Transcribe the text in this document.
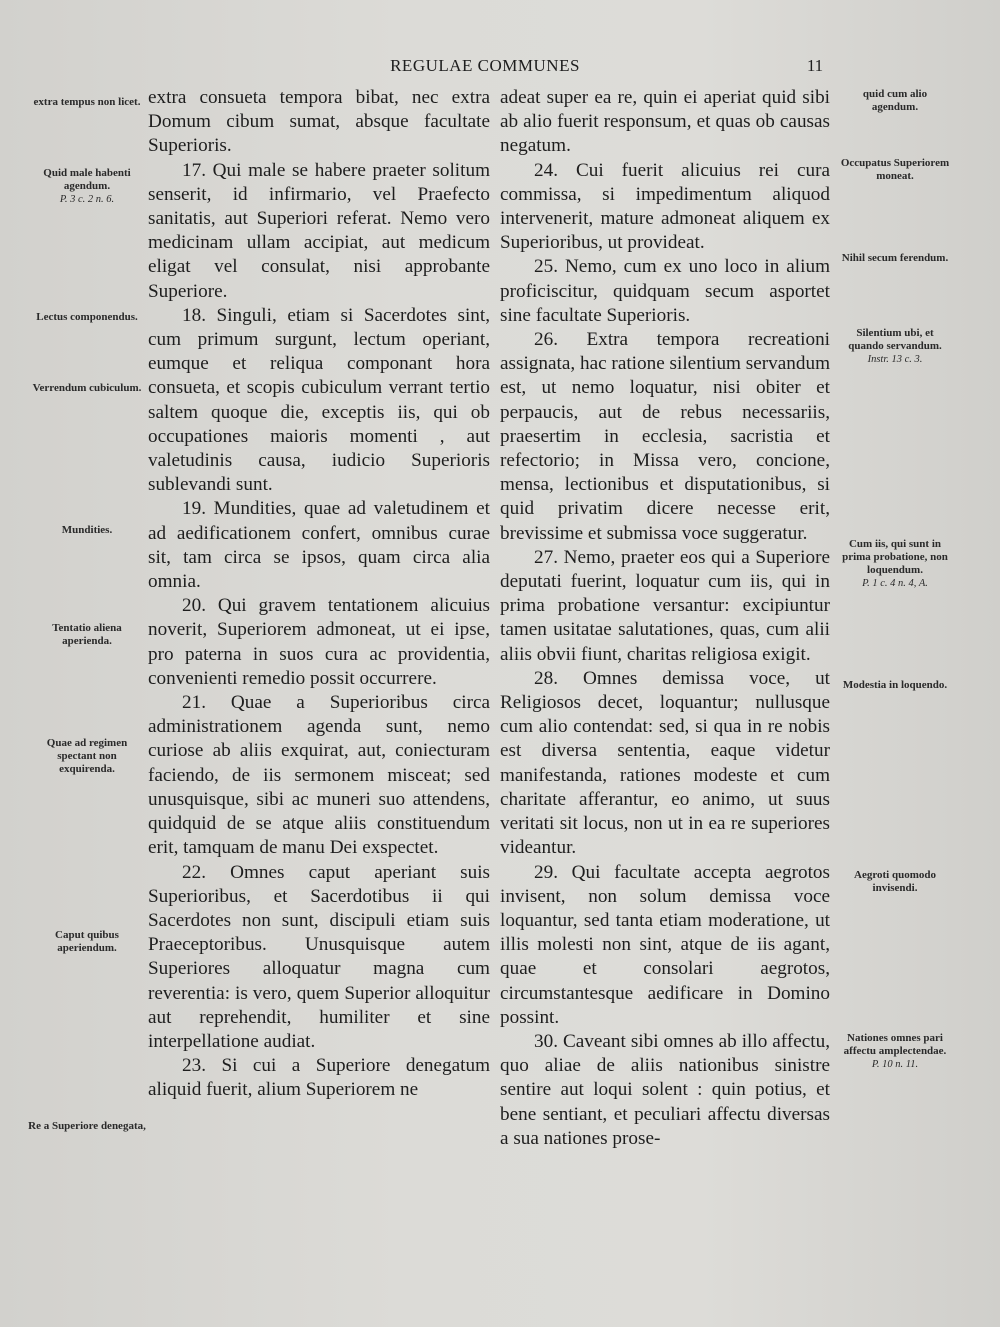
REGULAE COMMUNES	11

extra consueta tempora bibat, nec extra Domum cibum sumat, absque facultate Superioris.

17. Qui male se habere praeter solitum senserit, id infirmario, vel Praefecto sanitatis, aut Superiori referat. Nemo vero medicinam ullam accipiat, aut medicum eligat vel consulat, nisi approbante Superiore.

18. Singuli, etiam si Sacerdotes sint, cum primum surgunt, lectum operiant, eumque et reliqua componant hora consueta, et scopis cubiculum verrant tertio saltem quoque die, exceptis iis, qui ob occupationes maioris momenti , aut valetudinis causa, iudicio Superioris sublevandi sunt.

19. Mundities, quae ad valetudinem et ad aedificationem confert, omnibus curae sit, tam circa se ipsos, quam circa alia omnia.

20. Qui gravem tentationem alicuius noverit, Superiorem admoneat, ut ei ipse, pro paterna in suos cura ac providentia, convenienti remedio possit occurrere.

21. Quae a Superioribus circa administrationem agenda sunt, nemo curiose ab aliis exquirat, aut, coniecturam faciendo, de iis sermonem misceat; sed unusquisque, sibi ac muneri suo attendens, quidquid de se atque aliis constituendum erit, tamquam de manu Dei exspectet.

22. Omnes caput aperiant suis Superioribus, et Sacerdotibus ii qui Sacerdotes non sunt, discipuli etiam suis Praeceptoribus. Unusquisque autem Superiores alloquatur magna cum reverentia: is vero, quem Superior alloquitur aut reprehendit, humiliter et sine interpellatione audiat.

23. Si cui a Superiore denegatum aliquid fuerit, alium Superiorem ne

adeat super ea re, quin ei aperiat quid sibi ab alio fuerit responsum, et quas ob causas negatum.

24. Cui fuerit alicuius rei cura commissa, si impedimentum aliquod intervenerit, mature admoneat aliquem ex Superioribus, ut provideat.

25. Nemo, cum ex uno loco in alium proficiscitur, quidquam secum asportet sine facultate Superioris.

26. Extra tempora recreationi assignata, hac ratione silentium servandum est, ut nemo loquatur, nisi obiter et perpaucis, aut de rebus necessariis, praesertim in ecclesia, sacristia et refectorio; in Missa vero, concione, mensa, lectionibus et disputationibus, si quid privatim dicere necesse erit, brevissime et submissa voce suggeratur.

27. Nemo, praeter eos qui a Superiore deputati fuerint, loquatur cum iis, qui in prima probatione versantur: excipiuntur tamen usitatae salutationes, quas, cum alii aliis obvii fiunt, charitas religiosa exigit.

28. Omnes demissa voce, ut Religiosos decet, loquantur; nullusque cum alio contendat: sed, si qua in re nobis est diversa sententia, eaque videtur manifestanda, rationes modeste et cum charitate afferantur, eo animo, ut suus veritati sit locus, non ut in ea re superiores videantur.

29. Qui facultate accepta aegrotos invisent, non solum demissa voce loquantur, sed tanta etiam moderatione, ut illis molesti non sint, atque de iis agant, quae et consolari aegrotos, circumstantesque aedificare in Domino possint.

30. Caveant sibi omnes ab illo affectu, quo aliae de aliis nationibus sinistre sentire aut loqui solent : quin potius, et bene sentiant, et peculiari affectu diversas a sua nationes prose-

extra tempus non licet.
Quid male habenti agendum.
P. 3 c. 2 n. 6.
Lectus componendus.
Verrendum cubiculum.
Mundities.
Tentatio aliena aperienda.
Quae ad regimen spectant non exquirenda.
Caput quibus aperiendum.
Re a Superiore denegata,
quid cum alio agendum.
Occupatus Superiorem moneat.
Nihil secum ferendum.
Silentium ubi, et quando servandum.
Instr. 13 c. 3.
Cum iis, qui sunt in prima probatione, non loquendum.
P. 1 c. 4 n. 4, A.
Modestia in loquendo.
Aegroti quomodo invisendi.
Nationes omnes pari affectu amplectendae.
P. 10 n. 11.
